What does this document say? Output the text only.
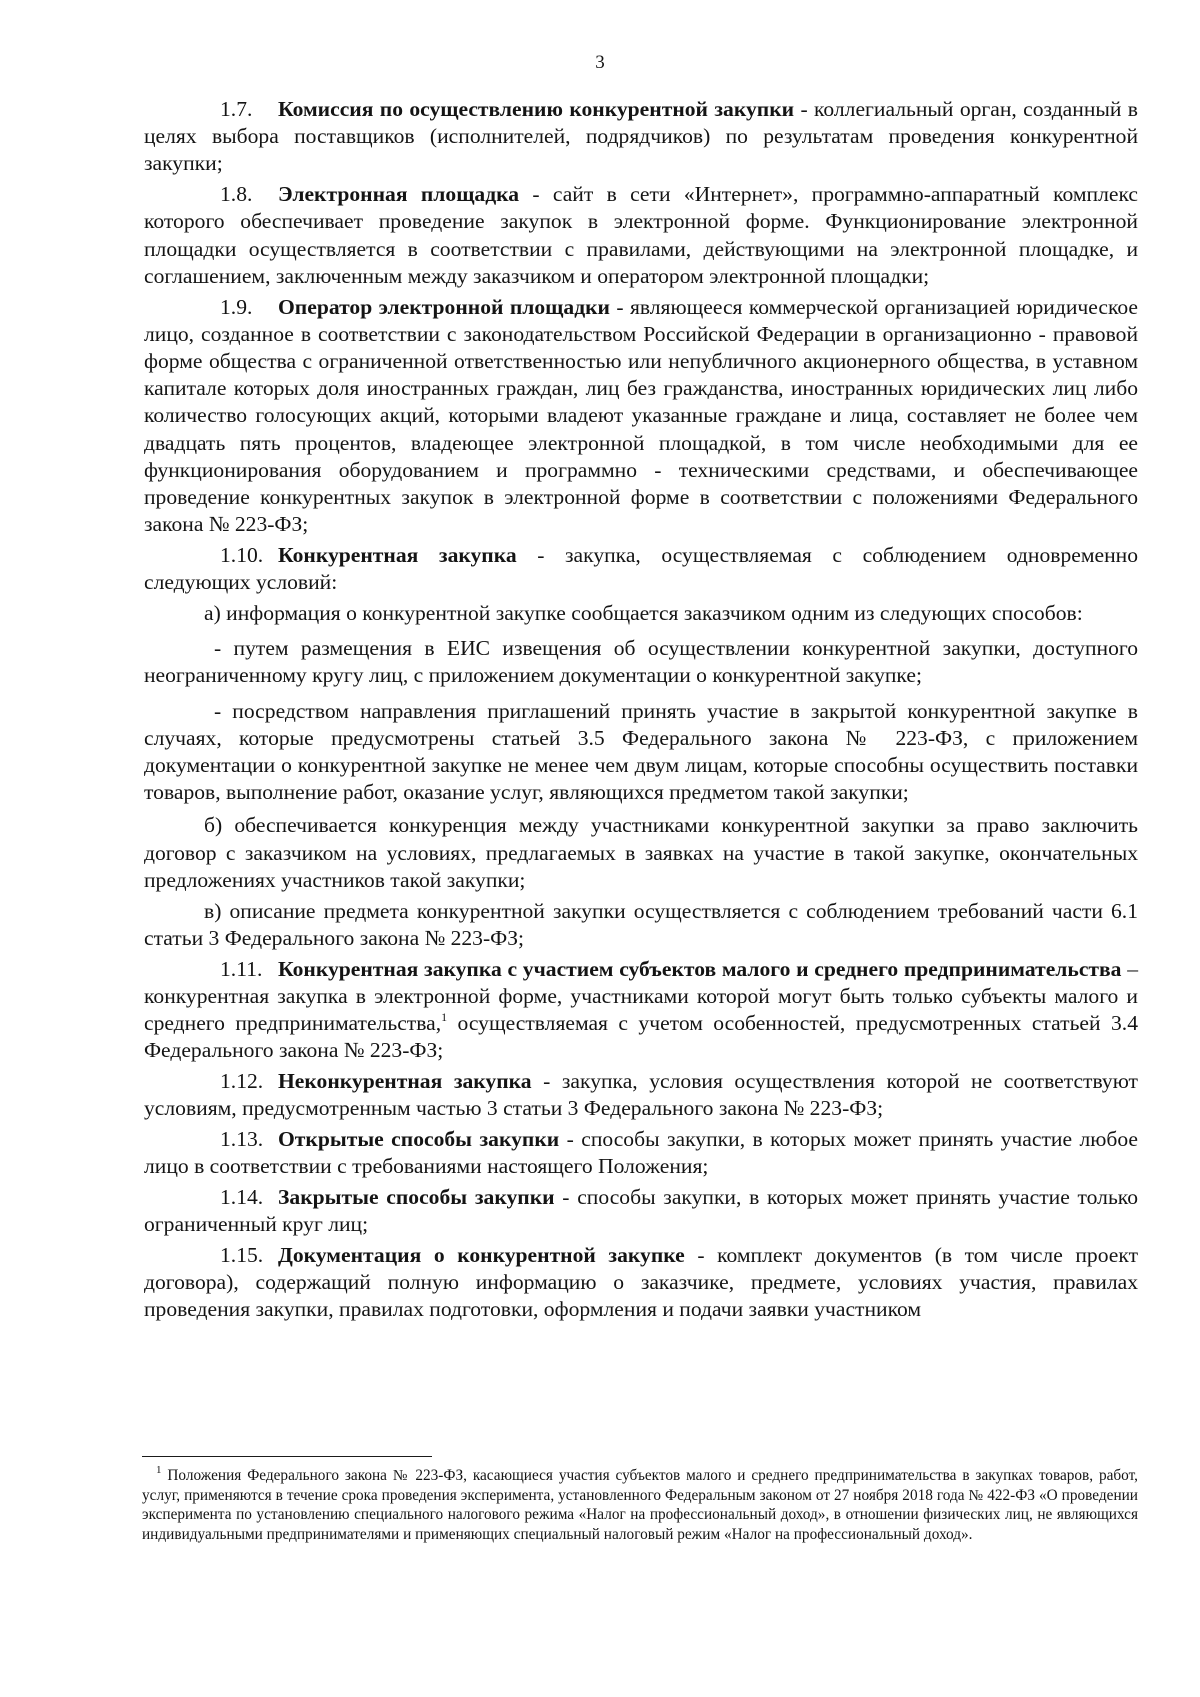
3

1.7. Комиссия по осуществлению конкурентной закупки - коллегиальный орган, созданный в целях выбора поставщиков (исполнителей, подрядчиков) по результатам проведения конкурентной закупки;

1.8. Электронная площадка - сайт в сети «Интернет», программно-аппаратный комплекс которого обеспечивает проведение закупок в электронной форме. Функционирование электронной площадки осуществляется в соответствии с правилами, действующими на электронной площадке, и соглашением, заключенным между заказчиком и оператором электронной площадки;

1.9. Оператор электронной площадки - являющееся коммерческой организацией юридическое лицо, созданное в соответствии с законодательством Российской Федерации в организационно - правовой форме общества с ограниченной ответственностью или непубличного акционерного общества, в уставном капитале которых доля иностранных граждан, лиц без гражданства, иностранных юридических лиц либо количество голосующих акций, которыми владеют указанные граждане и лица, составляет не более чем двадцать пять процентов, владеющее электронной площадкой, в том числе необходимыми для ее функционирования оборудованием и программно - техническими средствами, и обеспечивающее проведение конкурентных закупок в электронной форме в соответствии с положениями Федерального закона № 223-ФЗ;

1.10. Конкурентная закупка - закупка, осуществляемая с соблюдением одновременно следующих условий:

а) информация о конкурентной закупке сообщается заказчиком одним из следующих способов:

- путем размещения в ЕИС извещения об осуществлении конкурентной закупки, доступного неограниченному кругу лиц, с приложением документации о конкурентной закупке;

- посредством направления приглашений принять участие в закрытой конкурентной закупке в случаях, которые предусмотрены статьей 3.5 Федерального закона № 223-ФЗ, с приложением документации о конкурентной закупке не менее чем двум лицам, которые способны осуществить поставки товаров, выполнение работ, оказание услуг, являющихся предметом такой закупки;

б) обеспечивается конкуренция между участниками конкурентной закупки за право заключить договор с заказчиком на условиях, предлагаемых в заявках на участие в такой закупке, окончательных предложениях участников такой закупки;

в) описание предмета конкурентной закупки осуществляется с соблюдением требований части 6.1 статьи 3 Федерального закона № 223-ФЗ;

1.11. Конкурентная закупка с участием субъектов малого и среднего предпринимательства – конкурентная закупка в электронной форме, участниками которой могут быть только субъекты малого и среднего предпринимательства,$^1$ осуществляемая с учетом особенностей, предусмотренных статьей 3.4 Федерального закона № 223-ФЗ;

1.12. Неконкурентная закупка - закупка, условия осуществления которой не соответствуют условиям, предусмотренным частью 3 статьи 3 Федерального закона № 223-ФЗ;

1.13. Открытые способы закупки - способы закупки, в которых может принять участие любое лицо в соответствии с требованиями настоящего Положения;

1.14. Закрытые способы закупки - способы закупки, в которых может принять участие только ограниченный круг лиц;

1.15. Документация о конкурентной закупке - комплект документов (в том числе проект договора), содержащий полную информацию о заказчике, предмете, условиях участия, правилах проведения закупки, правилах подготовки, оформления и подачи заявки участником

$^1$ Положения Федерального закона № 223-ФЗ, касающиеся участия субъектов малого и среднего предпринимательства в закупках товаров, работ, услуг, применяются в течение срока проведения эксперимента, установленного Федеральным законом от 27 ноября 2018 года № 422-ФЗ «О проведении эксперимента по установлению специального налогового режима «Налог на профессиональный доход», в отношении физических лиц, не являющихся индивидуальными предпринимателями и применяющих специальный налоговый режим «Налог на профессиональный доход».
